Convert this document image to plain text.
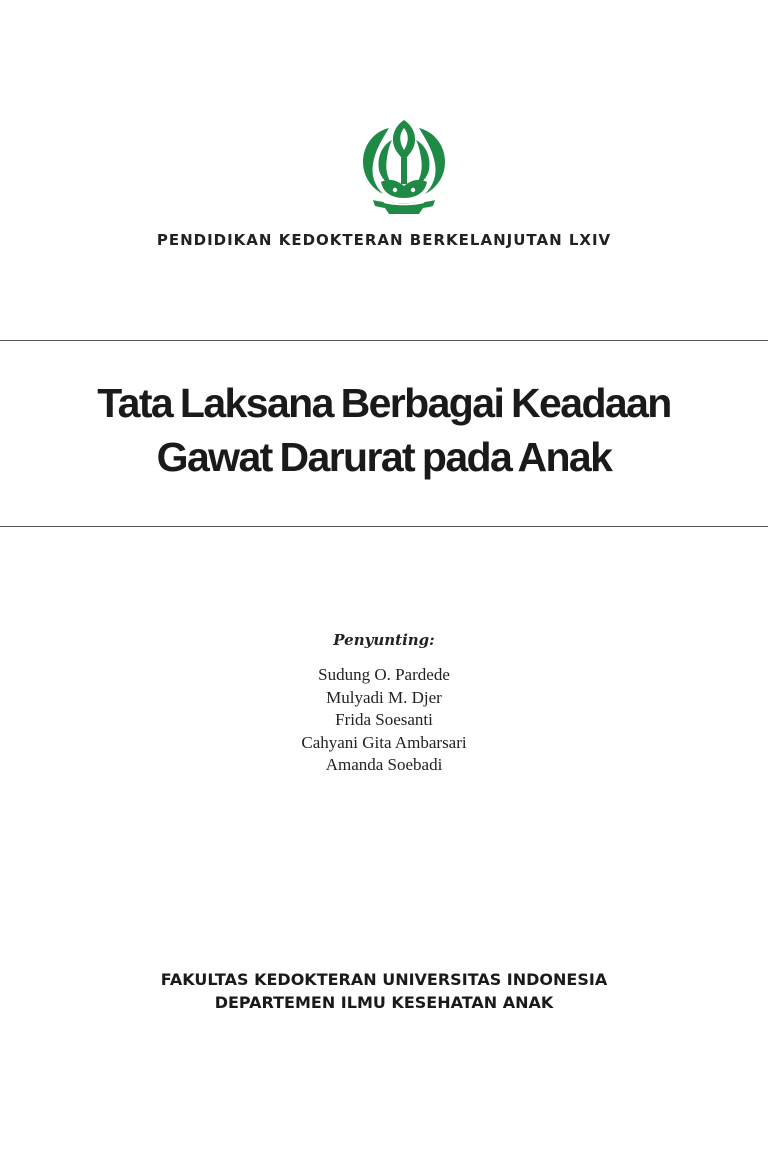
PENDIDIKAN KEDOKTERAN BERKELANJUTAN LXIV
Tata Laksana Berbagai Keadaan
Gawat Darurat pada Anak
Penyunting:
Sudung O. Pardede
Mulyadi M. Djer
Frida Soesanti
Cahyani Gita Ambarsari
Amanda Soebadi
FAKULTAS KEDOKTERAN UNIVERSITAS INDONESIA
DEPARTEMEN ILMU KESEHATAN ANAK
